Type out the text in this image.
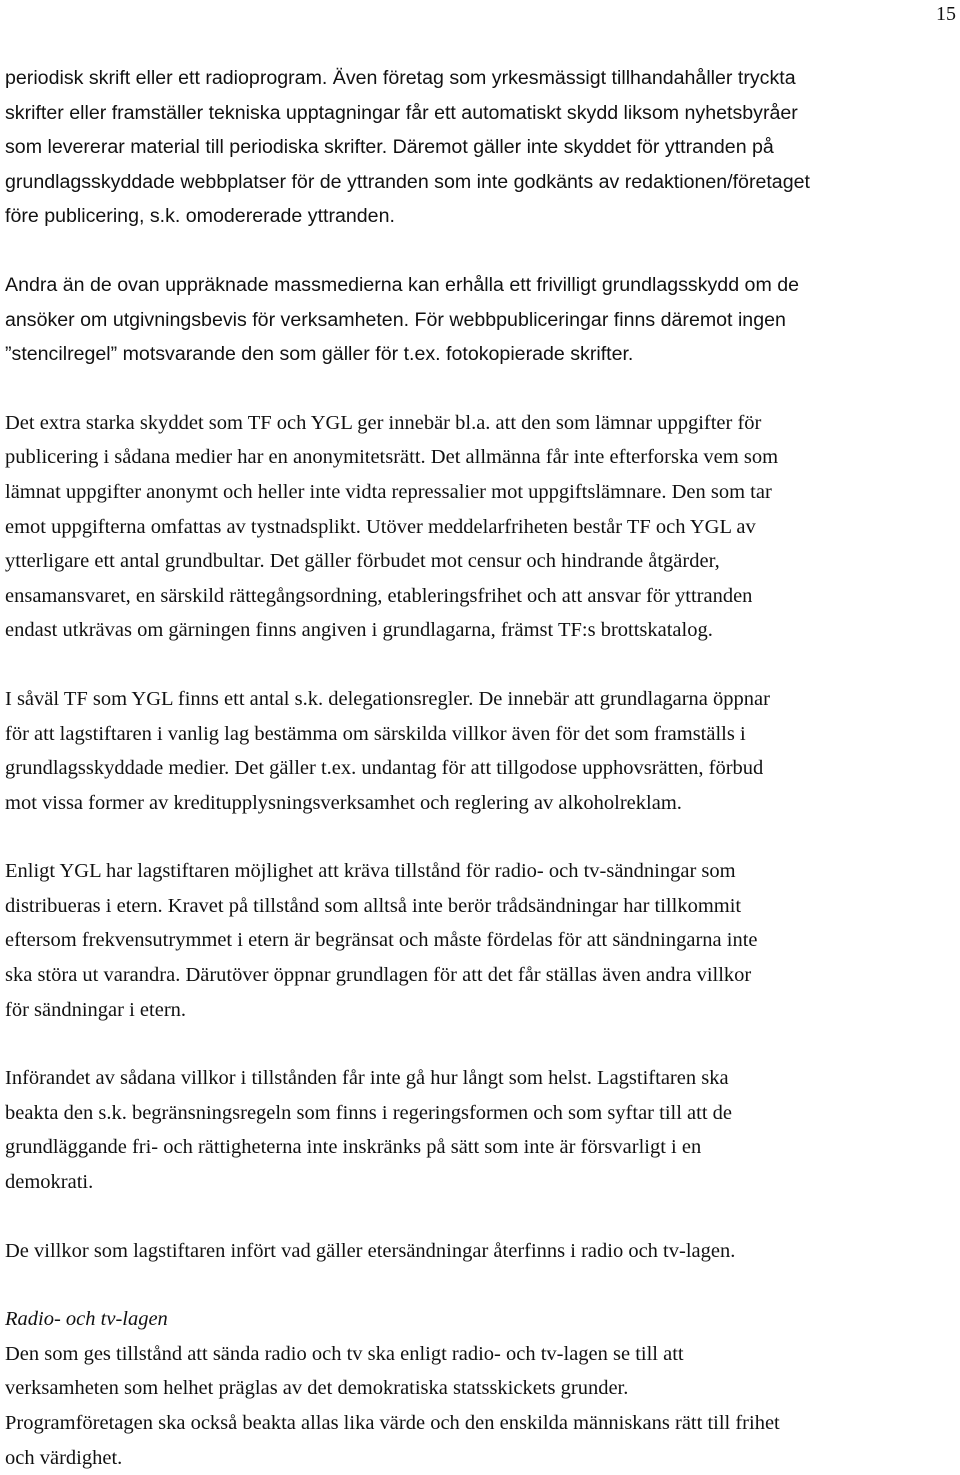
15

periodisk skrift eller ett radioprogram. Även företag som yrkesmässigt tillhandahåller tryckta
skrifter eller framställer tekniska upptagningar får ett automatiskt skydd liksom nyhetsbyråer
som levererar material till periodiska skrifter. Däremot gäller inte skyddet för yttranden på
grundlagsskyddade webbplatser för de yttranden som inte godkänts av redaktionen/företaget
före publicering, s.k. omodererade yttranden.

Andra än de ovan uppräknade massmedierna kan erhålla ett frivilligt grundlagsskydd om de
ansöker om utgivningsbevis för verksamheten. För webbpubliceringar finns däremot ingen
”stencilregel” motsvarande den som gäller för t.ex. fotokopierade skrifter.

Det extra starka skyddet som TF och YGL ger innebär bl.a. att den som lämnar uppgifter för
publicering i sådana medier har en anonymitetsrätt. Det allmänna får inte efterforska vem som
lämnat uppgifter anonymt och heller inte vidta repressalier mot uppgiftslämnare. Den som tar
emot uppgifterna omfattas av tystnadsplikt. Utöver meddelarfriheten består TF och YGL av
ytterligare ett antal grundbultar. Det gäller förbudet mot censur och hindrande åtgärder,
ensamansvaret, en särskild rättegångsordning, etableringsfrihet och att ansvar för yttranden
endast utkrävas om gärningen finns angiven i grundlagarna, främst TF:s brottskatalog.

I såväl TF som YGL finns ett antal s.k. delegationsregler. De innebär att grundlagarna öppnar
för att lagstiftaren i vanlig lag bestämma om särskilda villkor även för det som framställs i
grundlagsskyddade medier. Det gäller t.ex. undantag för att tillgodose upphovsrätten, förbud
mot vissa former av kreditupplysningsverksamhet och reglering av alkoholreklam.

Enligt YGL har lagstiftaren möjlighet att kräva tillstånd för radio- och tv-sändningar som
distribueras i etern. Kravet på tillstånd som alltså inte berör trådsändningar har tillkommit
eftersom frekvensutrymmet i etern är begränsat och måste fördelas för att sändningarna inte
ska störa ut varandra. Därutöver öppnar grundlagen för att det får ställas även andra villkor
för sändningar i etern.

Införandet av sådana villkor i tillstånden får inte gå hur långt som helst. Lagstiftaren ska
beakta den s.k. begränsningsregeln som finns i regeringsformen och som syftar till att de
grundläggande fri- och rättigheterna inte inskränks på sätt som inte är försvarligt i en
demokrati.

De villkor som lagstiftaren infört vad gäller etersändningar återfinns i radio och tv-lagen.

Radio- och tv-lagen

Den som ges tillstånd att sända radio och tv ska enligt radio- och tv-lagen se till att
verksamheten som helhet präglas av det demokratiska statsskickets grunder.

Programföretagen ska också beakta allas lika värde och den enskilda människans rätt till frihet
och värdighet.
